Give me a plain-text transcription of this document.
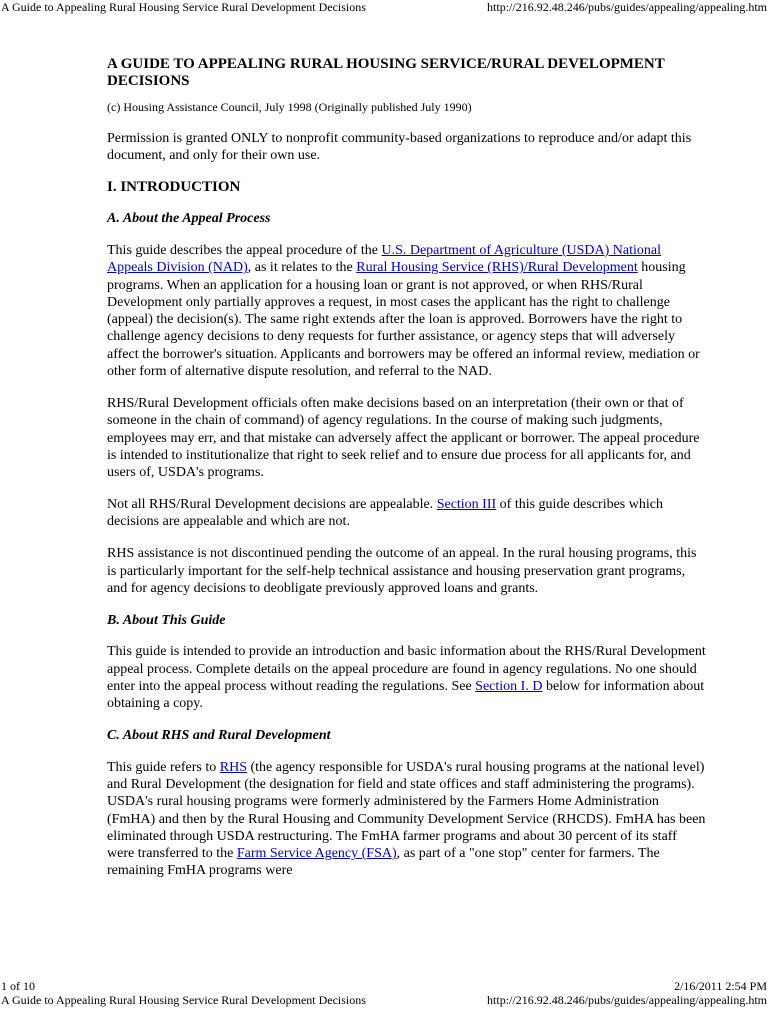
A Guide to Appealing Rural Housing Service Rural Development Decisions	http://216.92.48.246/pubs/guides/appealing/appealing.htm
A GUIDE TO APPEALING RURAL HOUSING SERVICE/RURAL DEVELOPMENT DECISIONS

(c) Housing Assistance Council, July 1998 (Originally published July 1990)

Permission is granted ONLY to nonprofit community-based organizations to reproduce and/or adapt this document, and only for their own use.

I. INTRODUCTION
A. About the Appeal Process

This guide describes the appeal procedure of the U.S. Department of Agriculture (USDA) National Appeals Division (NAD), as it relates to the Rural Housing Service (RHS)/Rural Development housing programs. When an application for a housing loan or grant is not approved, or when RHS/Rural Development only partially approves a request, in most cases the applicant has the right to challenge (appeal) the decision(s). The same right extends after the loan is approved. Borrowers have the right to challenge agency decisions to deny requests for further assistance, or agency steps that will adversely affect the borrower's situation. Applicants and borrowers may be offered an informal review, mediation or other form of alternative dispute resolution, and referral to the NAD.

RHS/Rural Development officials often make decisions based on an interpretation (their own or that of someone in the chain of command) of agency regulations. In the course of making such judgments, employees may err, and that mistake can adversely affect the applicant or borrower. The appeal procedure is intended to institutionalize that right to seek relief and to ensure due process for all applicants for, and users of, USDA's programs.

Not all RHS/Rural Development decisions are appealable. Section III of this guide describes which decisions are appealable and which are not.

RHS assistance is not discontinued pending the outcome of an appeal. In the rural housing programs, this is particularly important for the self-help technical assistance and housing preservation grant programs, and for agency decisions to deobligate previously approved loans and grants.

B. About This Guide

This guide is intended to provide an introduction and basic information about the RHS/Rural Development appeal process. Complete details on the appeal procedure are found in agency regulations. No one should enter into the appeal process without reading the regulations. See Section I. D below for information about obtaining a copy.

C. About RHS and Rural Development

This guide refers to RHS (the agency responsible for USDA's rural housing programs at the national level) and Rural Development (the designation for field and state offices and staff administering the programs). USDA's rural housing programs were formerly administered by the Farmers Home Administration (FmHA) and then by the Rural Housing and Community Development Service (RHCDS). FmHA has been eliminated through USDA restructuring. The FmHA farmer programs and about 30 percent of its staff were transferred to the Farm Service Agency (FSA), as part of a "one stop" center for farmers. The remaining FmHA programs were

1 of 10	2/16/2011 2:54 PM
A Guide to Appealing Rural Housing Service Rural Development Decisions	http://216.92.48.246/pubs/guides/appealing/appealing.htm
